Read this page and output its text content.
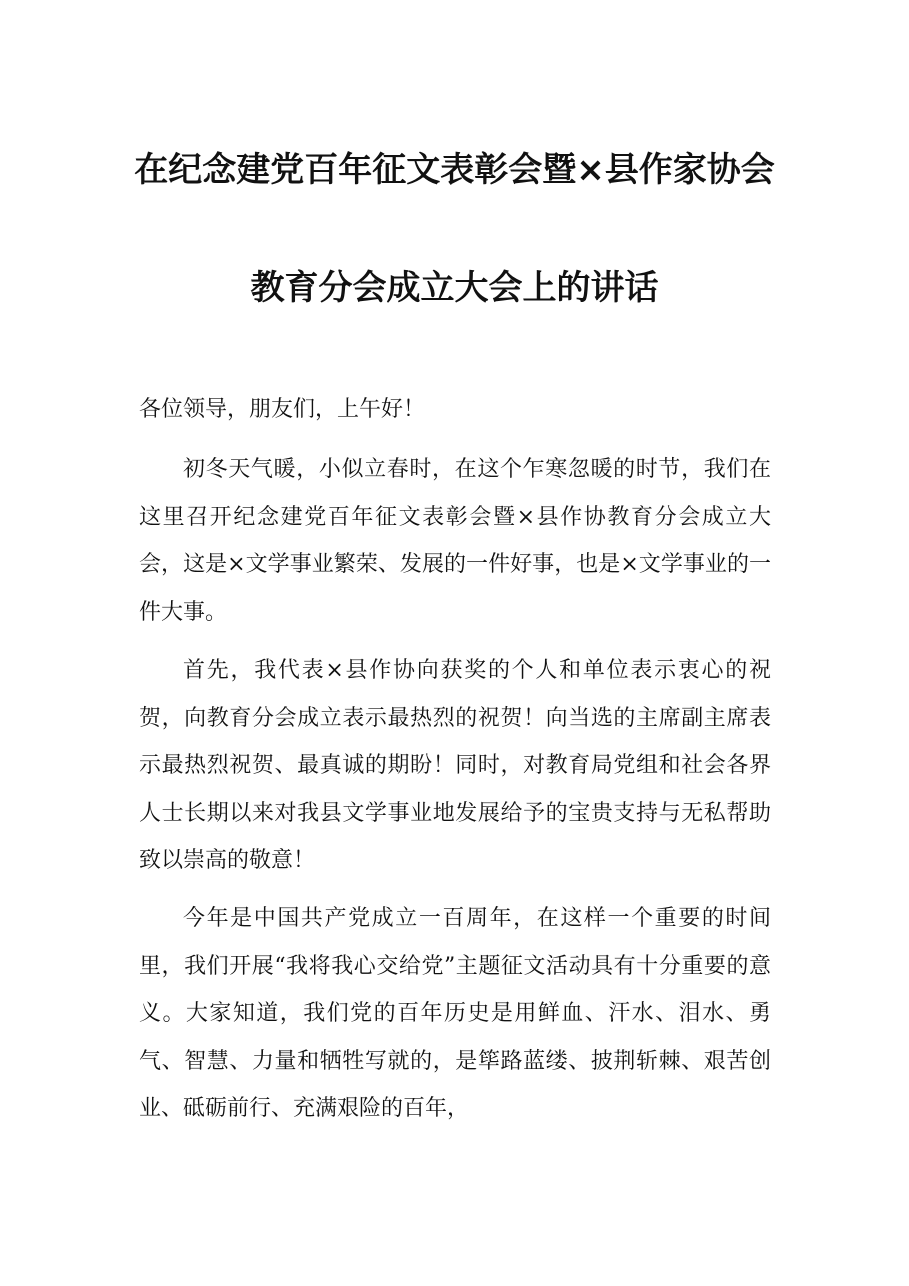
在纪念建党百年征文表彰会暨×县作家协会
教育分会成立大会上的讲话

各位领导，朋友们，上午好！

初冬天气暖，小似立春时，在这个乍寒忽暖的时节，我们在这里召开纪念建党百年征文表彰会暨×县作协教育分会成立大会，这是×文学事业繁荣、发展的一件好事，也是×文学事业的一件大事。

首先，我代表×县作协向获奖的个人和单位表示衷心的祝贺，向教育分会成立表示最热烈的祝贺！向当选的主席副主席表示最热烈祝贺、最真诚的期盼！同时，对教育局党组和社会各界人士长期以来对我县文学事业地发展给予的宝贵支持与无私帮助致以崇高的敬意！

今年是中国共产党成立一百周年，在这样一个重要的时间里，我们开展“我将我心交给党”主题征文活动具有十分重要的意义。大家知道，我们党的百年历史是用鲜血、汗水、泪水、勇气、智慧、力量和牺牲写就的，是筚路蓝缕、披荆斩棘、艰苦创业、砥砺前行、充满艰险的百年，
